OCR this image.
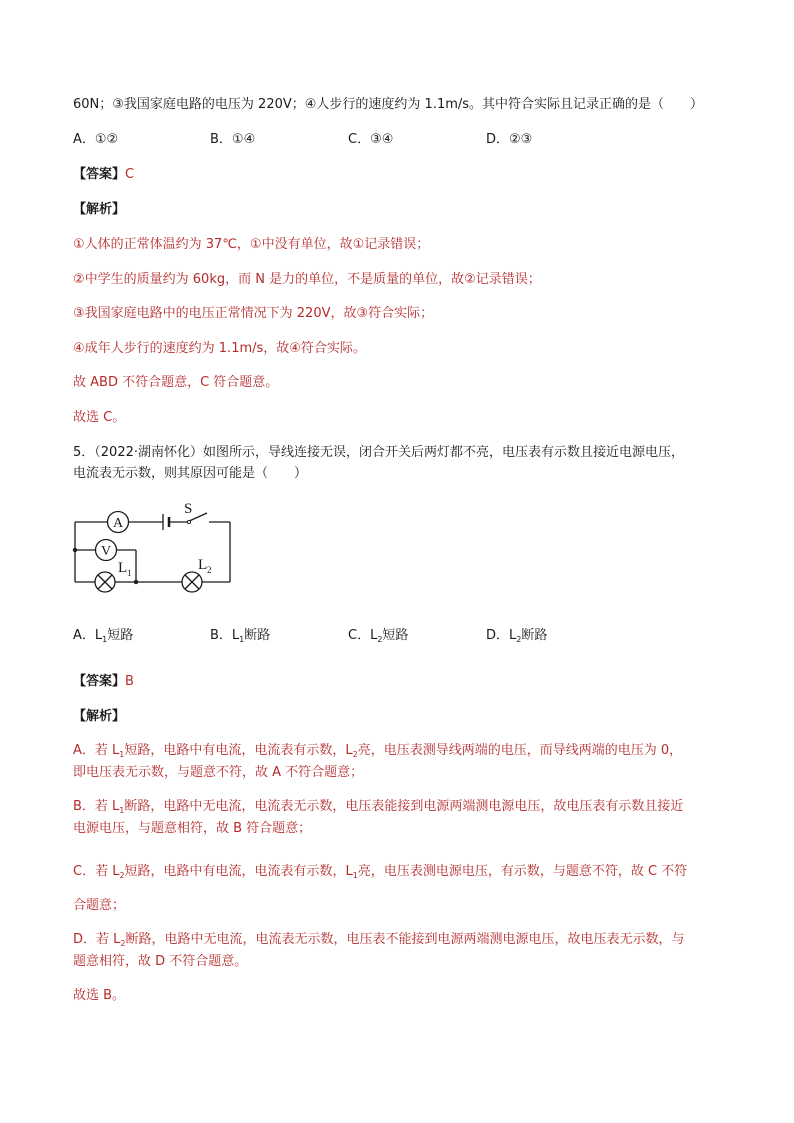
60N；③我国家庭电路的电压为 220V；④人步行的速度约为 1.1m/s。其中符合实际且记录正确的是（　　）
A．①②	B．①④	C．③④	D．②③
【答案】C
【解析】
①人体的正常体温约为 37℃，①中没有单位，故①记录错误；
②中学生的质量约为 60kg，而 N 是力的单位，不是质量的单位，故②记录错误；
③我国家庭电路中的电压正常情况下为 220V，故③符合实际；
④成年人步行的速度约为 1.1m/s，故④符合实际。
故 ABD 不符合题意，C 符合题意。
故选 C。
5．（2022·湖南怀化）如图所示，导线连接无误，闭合开关后两灯都不亮，电压表有示数且接近电源电压，
电流表无示数，则其原因可能是（　　）
A
V
S
L 1	L 2
A．$L_1$短路	B．$L_1$断路	C．$L_2$短路	D．$L_2$断路
【答案】B
【解析】
A．若 $L_1$短路，电路中有电流，电流表有示数，$L_2$亮，电压表测导线两端的电压，而导线两端的电压为 0，
即电压表无示数，与题意不符，故 A 不符合题意；
B．若 $L_1$断路，电路中无电流，电流表无示数，电压表能接到电源两端测电源电压，故电压表有示数且接近
电源电压，与题意相符，故 B 符合题意；
C．若 $L_2$短路，电路中有电流，电流表有示数，$L_1$亮，电压表测电源电压，有示数，与题意不符，故 C 不符
合题意；
D．若 $L_2$断路，电路中无电流，电流表无示数，电压表不能接到电源两端测电源电压，故电压表无示数，与
题意相符，故 D 不符合题意。
故选 B。
